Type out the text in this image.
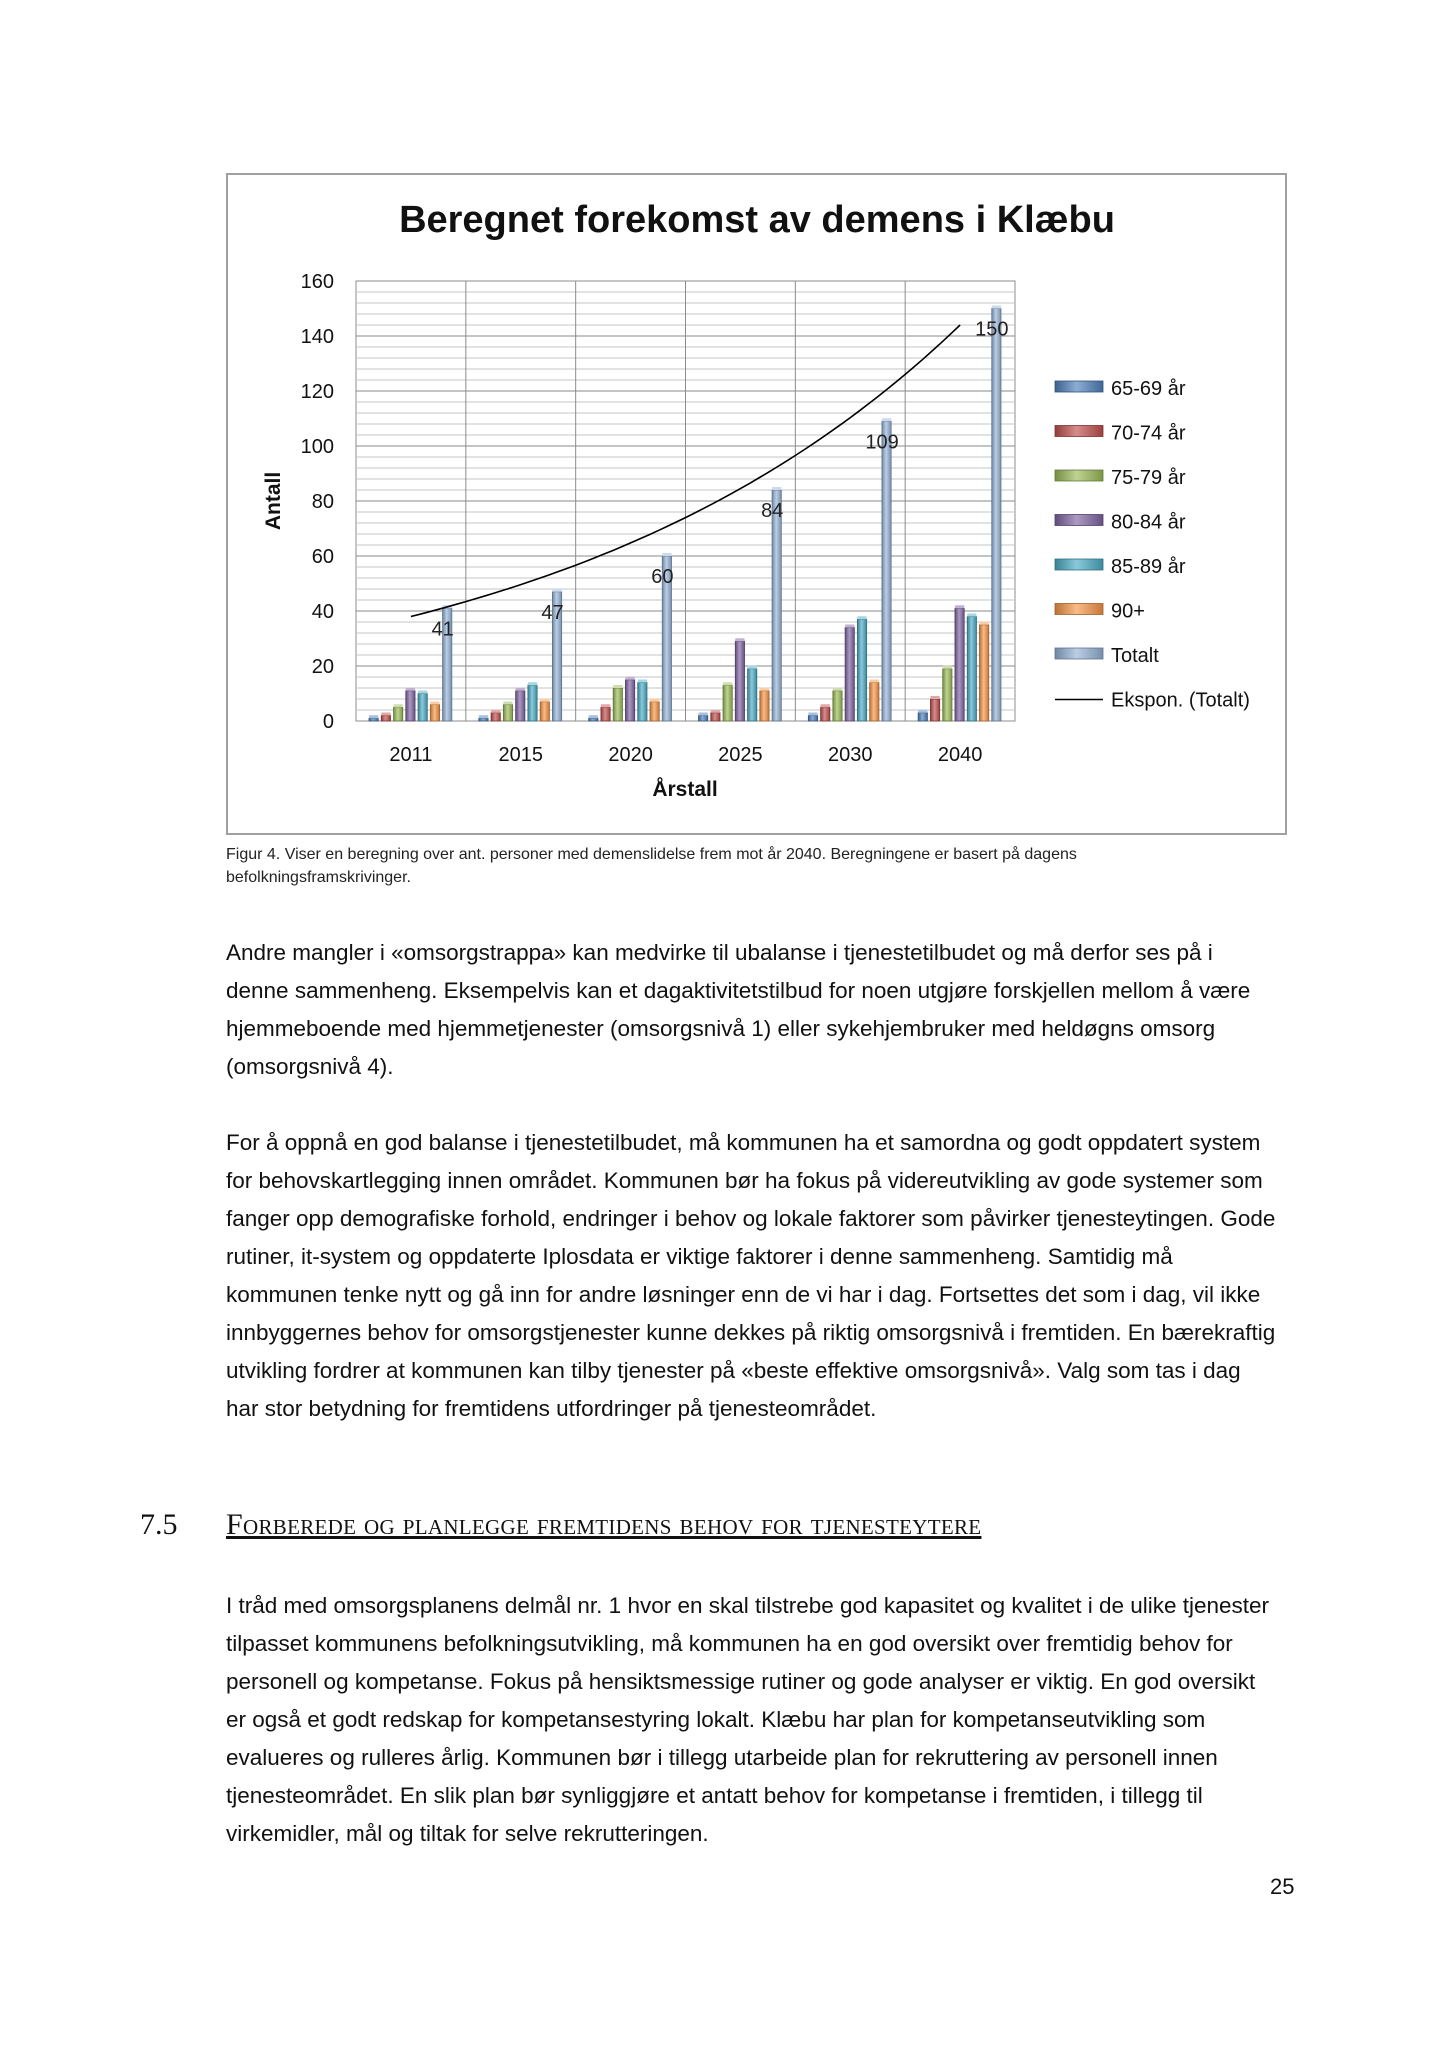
Beregnet forekomst av demens i Klæbu
0
20
40
60
80
100
120
140
160
Antall
2011	2015	2020	2025	2030	2040
41
47
60
84
109
150
Årstall
65-69 år
70-74 år
75-79 år
80-84 år
85-89 år
90+
Totalt
Ekspon. (Totalt)
Figur 4. Viser en beregning over ant. personer med demenslidelse frem mot år 2040. Beregningene er basert på dagens befolkningsframskrivinger.

Andre mangler i «omsorgstrappa» kan medvirke til ubalanse i tjenestetilbudet og må derfor ses på i denne sammenheng. Eksempelvis kan et dagaktivitetstilbud for noen utgjøre forskjellen mellom å være hjemmeboende med hjemmetjenester (omsorgsnivå 1) eller sykehjembruker med heldøgns omsorg (omsorgsnivå 4).

For å oppnå en god balanse i tjenestetilbudet, må kommunen ha et samordna og godt oppdatert system for behovskartlegging innen området. Kommunen bør ha fokus på videreutvikling av gode systemer som fanger opp demografiske forhold, endringer i behov og lokale faktorer som påvirker tjenesteytingen. Gode rutiner, it-system og oppdaterte Iplosdata er viktige faktorer i denne sammenheng. Samtidig må kommunen tenke nytt og gå inn for andre løsninger enn de vi har i dag. Fortsettes det som i dag, vil ikke innbyggernes behov for omsorgstjenester kunne dekkes på riktig omsorgsnivå i fremtiden. En bærekraftig utvikling fordrer at kommunen kan tilby tjenester på «beste effektive omsorgsnivå». Valg som tas i dag har stor betydning for fremtidens utfordringer på tjenesteområdet.

7.5 Forberede og planlegge fremtidens behov for tjenesteytere

I tråd med omsorgsplanens delmål nr. 1 hvor en skal tilstrebe god kapasitet og kvalitet i de ulike tjenester tilpasset kommunens befolkningsutvikling, må kommunen ha en god oversikt over fremtidig behov for personell og kompetanse. Fokus på hensiktsmessige rutiner og gode analyser er viktig. En god oversikt er også et godt redskap for kompetansestyring lokalt. Klæbu har plan for kompetanseutvikling som evalueres og rulleres årlig. Kommunen bør i tillegg utarbeide plan for rekruttering av personell innen tjenesteområdet. En slik plan bør synliggjøre et antatt behov for kompetanse i fremtiden, i tillegg til virkemidler, mål og tiltak for selve rekrutteringen.

25
